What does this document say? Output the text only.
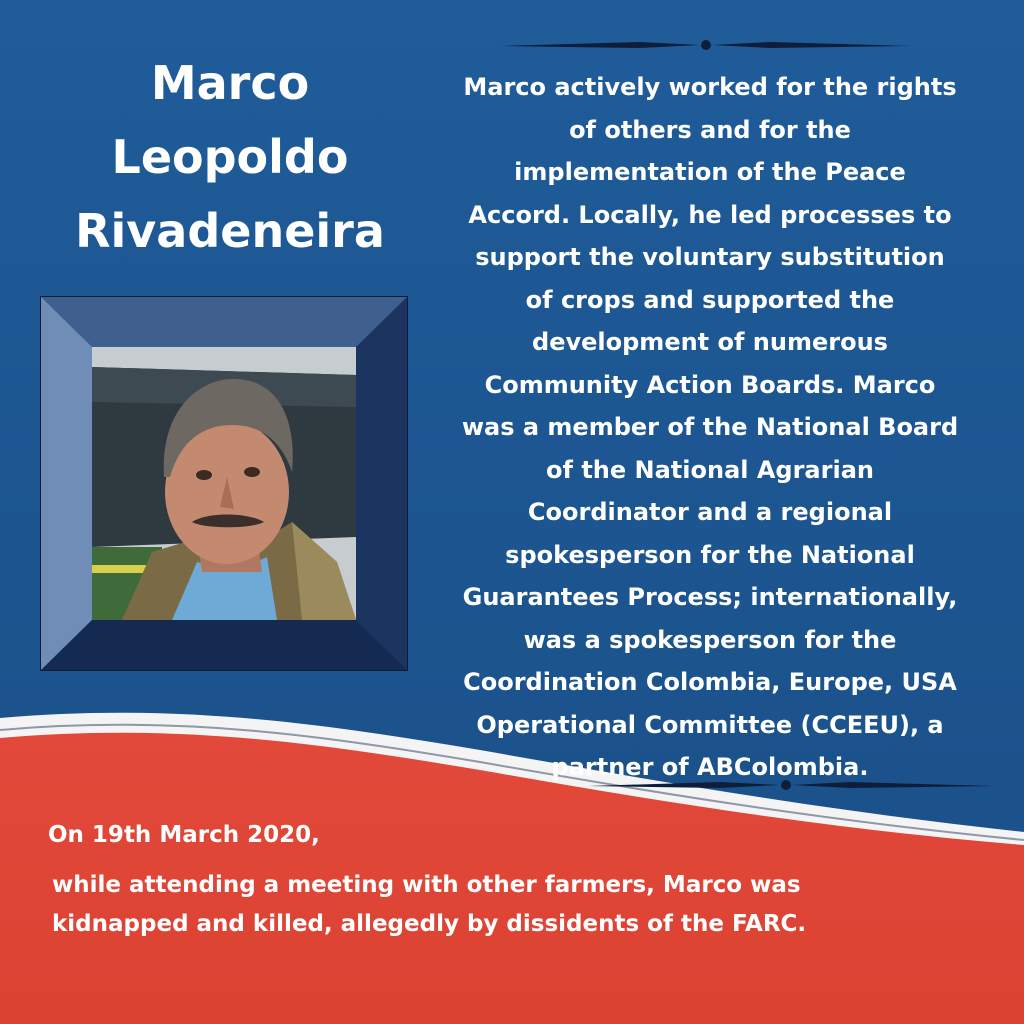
Marco
Leopoldo
Rivadeneira

Marco actively worked for the rights
of others and for the
implementation of the Peace
Accord. Locally, he led processes to
support the voluntary substitution
of crops and supported the
development of numerous
Community Action Boards. Marco
was a member of the National Board
of the National Agrarian
Coordinator and a regional
spokesperson for the National
Guarantees Process; internationally,
was a spokesperson for the
Coordination Colombia, Europe, USA
Operational Committee (CCEEU), a
partner of ABColombia.

On 19th March 2020,

while attending a meeting with other farmers, Marco was
kidnapped and killed, allegedly by dissidents of the FARC.
